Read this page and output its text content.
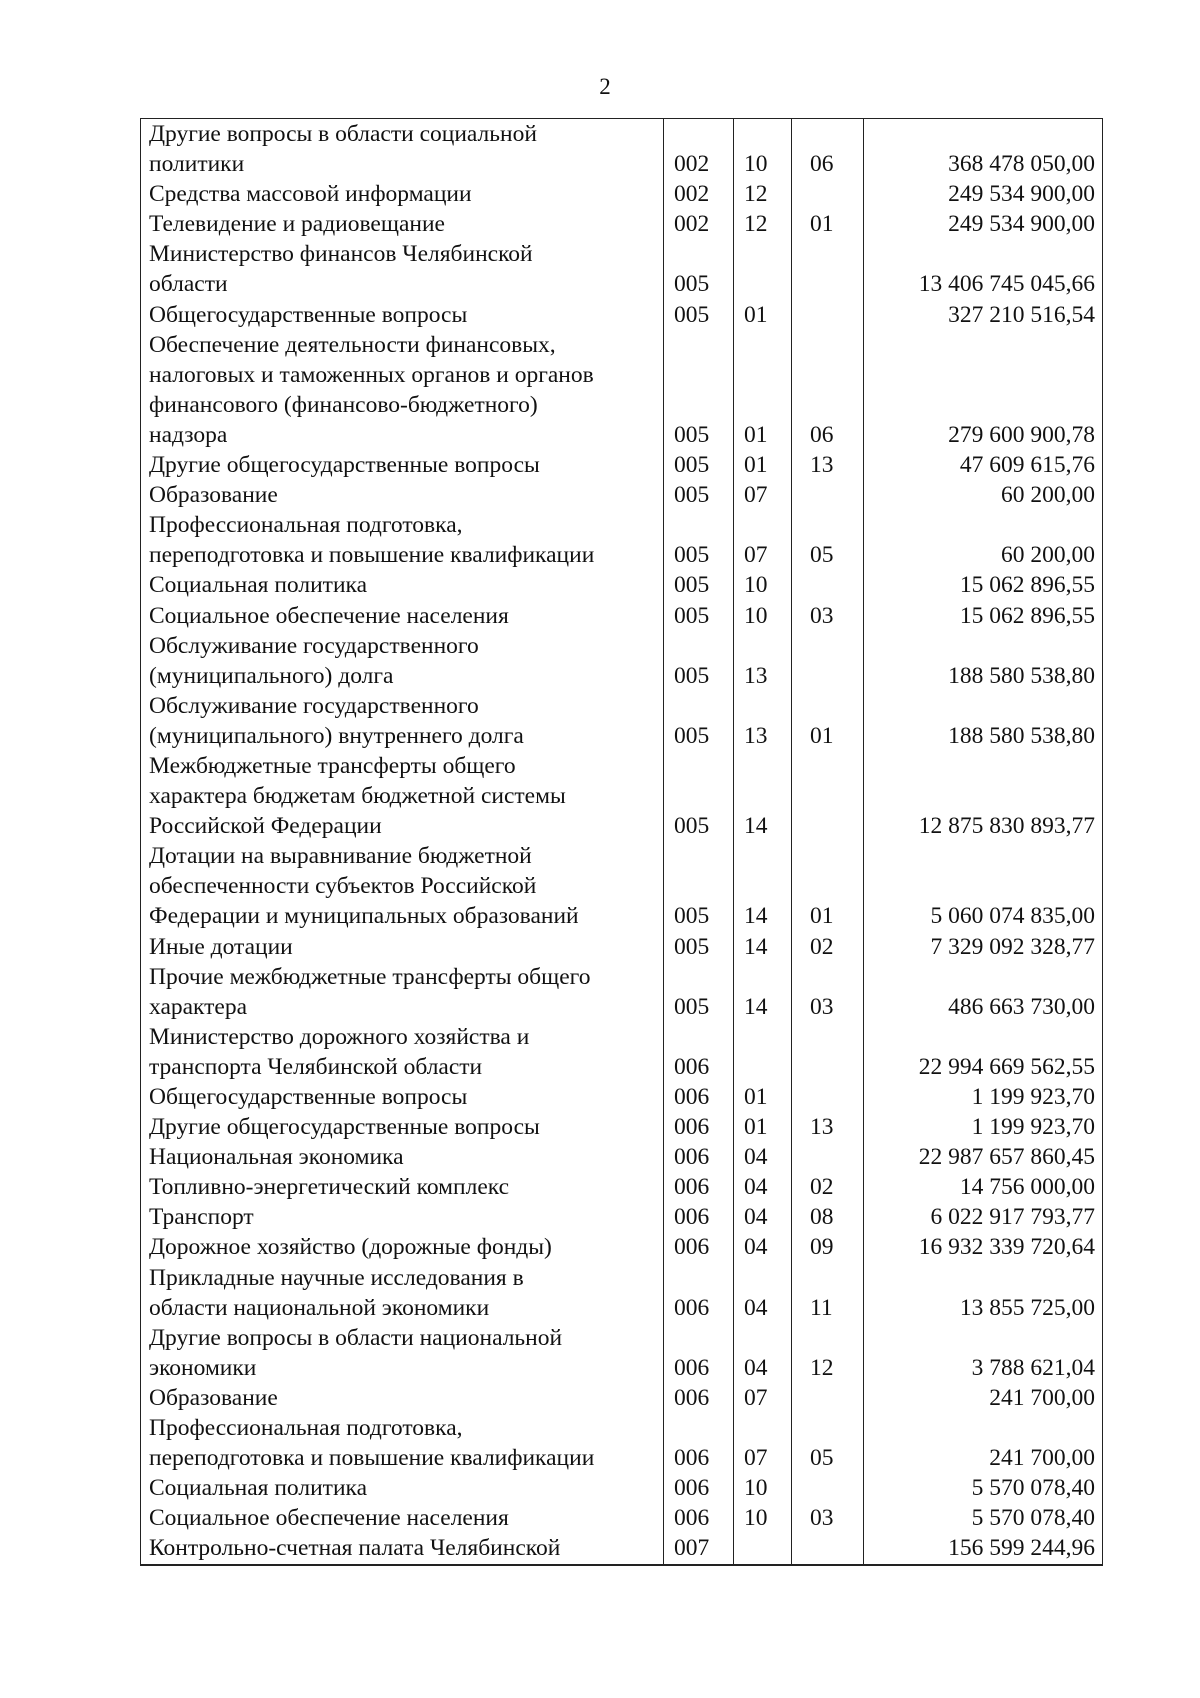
2
Другие вопросы в области социальной
политики	002	10	06	368 478 050,00

Средства массовой информации	002	12		249 534 900,00

Телевидение и радиовещание	002	12	01	249 534 900,00

Министерство финансов Челябинской
области	005			13 406 745 045,66

Общегосударственные вопросы	005	01		327 210 516,54

Обеспечение деятельности финансовых,
налоговых и таможенных органов и органов
финансового (финансово-бюджетного)
надзора	005	01	06	279 600 900,78

Другие общегосударственные вопросы	005	01	13	47 609 615,76

Образование	005	07		60 200,00

Профессиональная подготовка,
переподготовка и повышение квалификации	005	07	05	60 200,00

Социальная политика	005	10		15 062 896,55

Социальное обеспечение населения	005	10	03	15 062 896,55

Обслуживание государственного
(муниципального) долга	005	13		188 580 538,80

Обслуживание государственного
(муниципального) внутреннего долга	005	13	01	188 580 538,80

Межбюджетные трансферты общего
характера бюджетам бюджетной системы
Российской Федерации	005	14		12 875 830 893,77

Дотации на выравнивание бюджетной
обеспеченности субъектов Российской
Федерации и муниципальных образований	005	14	01	5 060 074 835,00

Иные дотации	005	14	02	7 329 092 328,77

Прочие межбюджетные трансферты общего
характера	005	14	03	486 663 730,00

Министерство дорожного хозяйства и
транспорта Челябинской области	006			22 994 669 562,55

Общегосударственные вопросы	006	01		1 199 923,70

Другие общегосударственные вопросы	006	01	13	1 199 923,70

Национальная экономика	006	04		22 987 657 860,45

Топливно-энергетический комплекс	006	04	02	14 756 000,00

Транспорт	006	04	08	6 022 917 793,77

Дорожное хозяйство (дорожные фонды)	006	04	09	16 932 339 720,64

Прикладные научные исследования в
области национальной экономики	006	04	11	13 855 725,00

Другие вопросы в области национальной
экономики	006	04	12	3 788 621,04

Образование	006	07		241 700,00

Профессиональная подготовка,
переподготовка и повышение квалификации	006	07	05	241 700,00

Социальная политика	006	10		5 570 078,40

Социальное обеспечение населения	006	10	03	5 570 078,40

Контрольно-счетная палата Челябинской	007			156 599 244,96
